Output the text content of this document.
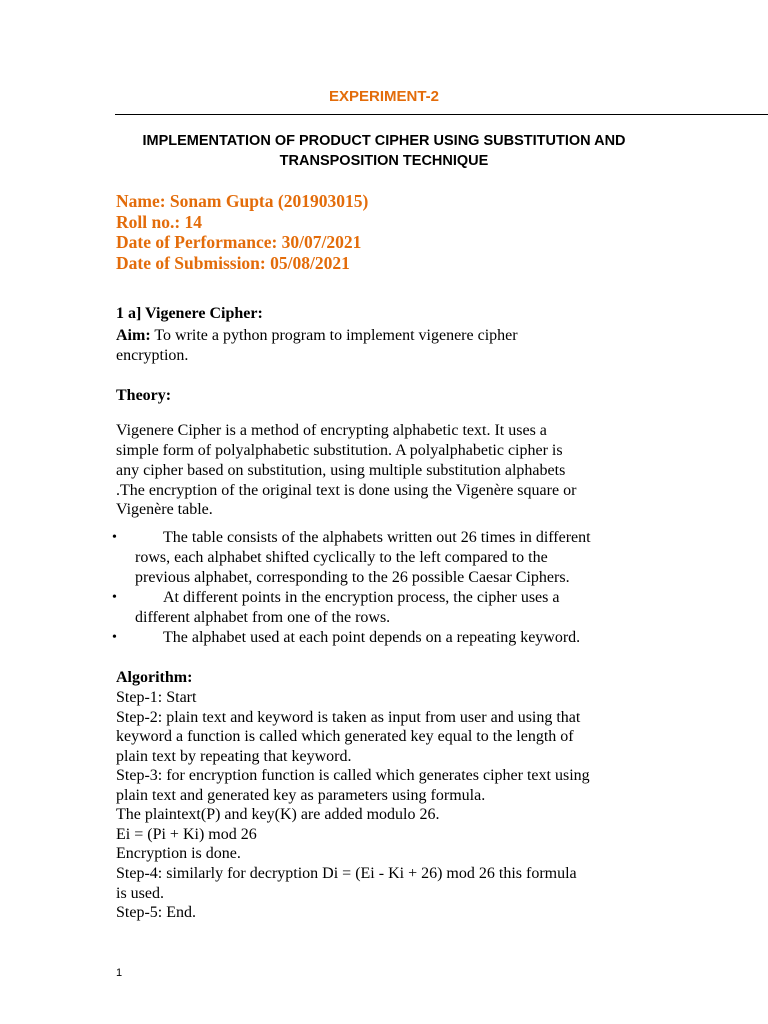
EXPERIMENT-2
IMPLEMENTATION OF PRODUCT CIPHER USING SUBSTITUTION AND
TRANSPOSITION TECHNIQUE
Name: Sonam Gupta (201903015)
Roll no.: 14
Date of Performance: 30/07/2021
Date of Submission: 05/08/2021
1 a] Vigenere Cipher:
Aim: To write a python program to implement vigenere cipher
encryption.
Theory:
Vigenere Cipher is a method of encrypting alphabetic text. It uses a
simple form of polyalphabetic substitution. A polyalphabetic cipher is
any cipher based on substitution, using multiple substitution alphabets
.The encryption of the original text is done using the Vigenère square or
Vigenère table.
•	The table consists of the alphabets written out 26 times in different
rows, each alphabet shifted cyclically to the left compared to the
previous alphabet, corresponding to the 26 possible Caesar Ciphers.
•	At different points in the encryption process, the cipher uses a
different alphabet from one of the rows.
•	The alphabet used at each point depends on a repeating keyword.
Algorithm:
Step-1: Start
Step-2: plain text and keyword is taken as input from user and using that
keyword a function is called which generated key equal to the length of
plain text by repeating that keyword.
Step-3: for encryption function is called which generates cipher text using
plain text and generated key as parameters using formula.
The plaintext(P) and key(K) are added modulo 26.
Ei = (Pi + Ki) mod 26
Encryption is done.
Step-4: similarly for decryption Di = (Ei - Ki + 26) mod 26 this formula
is used.
Step-5: End.
1
